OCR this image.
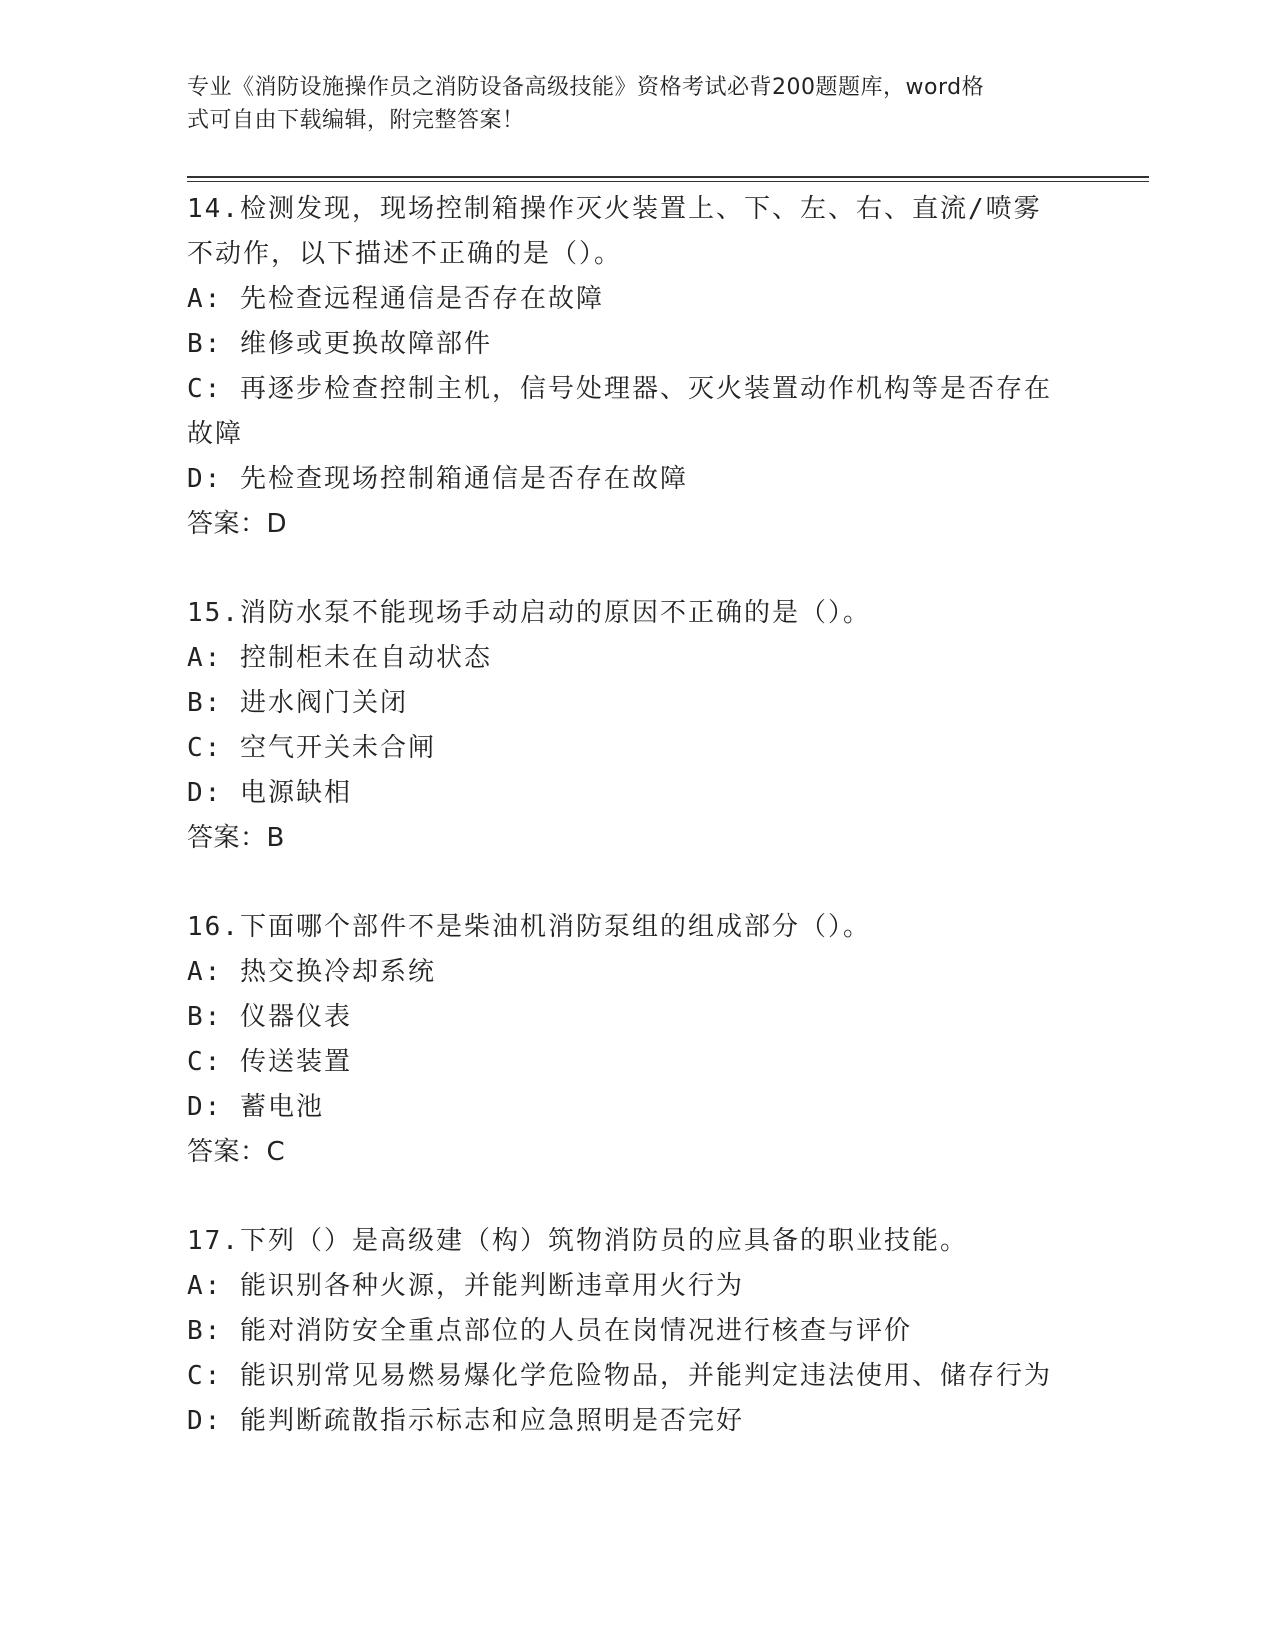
专业《消防设施操作员之消防设备高级技能》资格考试必背200题题库，word格
式可自由下载编辑，附完整答案！
14.检测发现，现场控制箱操作灭火装置上、下、左、右、直流/喷雾
不动作，以下描述不正确的是（）。
A: 先检查远程通信是否存在故障
B: 维修或更换故障部件
C: 再逐步检查控制主机，信号处理器、灭火装置动作机构等是否存在
故障
D: 先检查现场控制箱通信是否存在故障
答案：D
15.消防水泵不能现场手动启动的原因不正确的是（）。
A: 控制柜未在自动状态
B: 进水阀门关闭
C: 空气开关未合闸
D: 电源缺相
答案：B
16.下面哪个部件不是柴油机消防泵组的组成部分（）。
A: 热交换冷却系统
B: 仪器仪表
C: 传送装置
D: 蓄电池
答案：C
17.下列（）是高级建（构）筑物消防员的应具备的职业技能。
A: 能识别各种火源，并能判断违章用火行为
B: 能对消防安全重点部位的人员在岗情况进行核查与评价
C: 能识别常见易燃易爆化学危险物品，并能判定违法使用、储存行为
D: 能判断疏散指示标志和应急照明是否完好
